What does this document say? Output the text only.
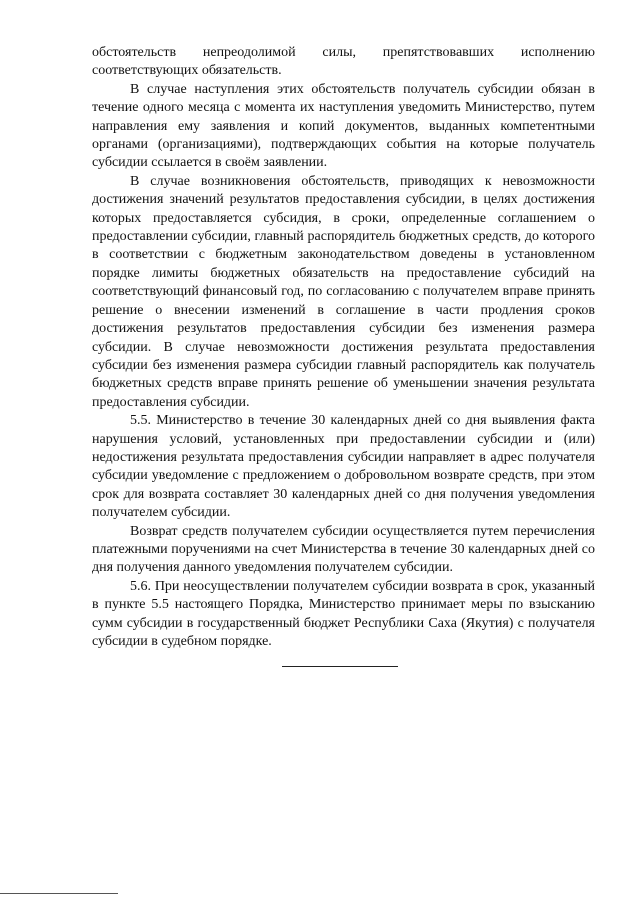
обстоятельств непреодолимой силы, препятствовавших исполнению соответствующих обязательств.

В случае наступления этих обстоятельств получатель субсидии обязан в течение одного месяца с момента их наступления уведомить Министерство, путем направления ему заявления и копий документов, выданных компетентными органами (организациями), подтверждающих события на которые получатель субсидии ссылается в своём заявлении.

В случае возникновения обстоятельств, приводящих к невозможности достижения значений результатов предоставления субсидии, в целях достижения которых предоставляется субсидия, в сроки, определенные соглашением о предоставлении субсидии, главный распорядитель бюджетных средств, до которого в соответствии с бюджетным законодательством доведены в установленном порядке лимиты бюджетных обязательств на предоставление субсидий на соответствующий финансовый год, по согласованию с получателем вправе принять решение о внесении изменений в соглашение в части продления сроков достижения результатов предоставления субсидии без изменения размера субсидии. В случае невозможности достижения результата предоставления субсидии без изменения размера субсидии главный распорядитель как получатель бюджетных средств вправе принять решение об уменьшении значения результата предоставления субсидии.

5.5. Министерство в течение 30 календарных дней со дня выявления факта нарушения условий, установленных при предоставлении субсидии и (или) недостижения результата предоставления субсидии направляет в адрес получателя субсидии уведомление с предложением о добровольном возврате средств, при этом срок для возврата составляет 30 календарных дней со дня получения уведомления получателем субсидии.

Возврат средств получателем субсидии осуществляется путем перечисления платежными поручениями на счет Министерства в течение 30 календарных дней со дня получения данного уведомления получателем субсидии.

5.6. При неосуществлении получателем субсидии возврата в срок, указанный в пункте 5.5 настоящего Порядка, Министерство принимает меры по взысканию сумм субсидии в государственный бюджет Республики Саха (Якутия) с получателя субсидии в судебном порядке.
